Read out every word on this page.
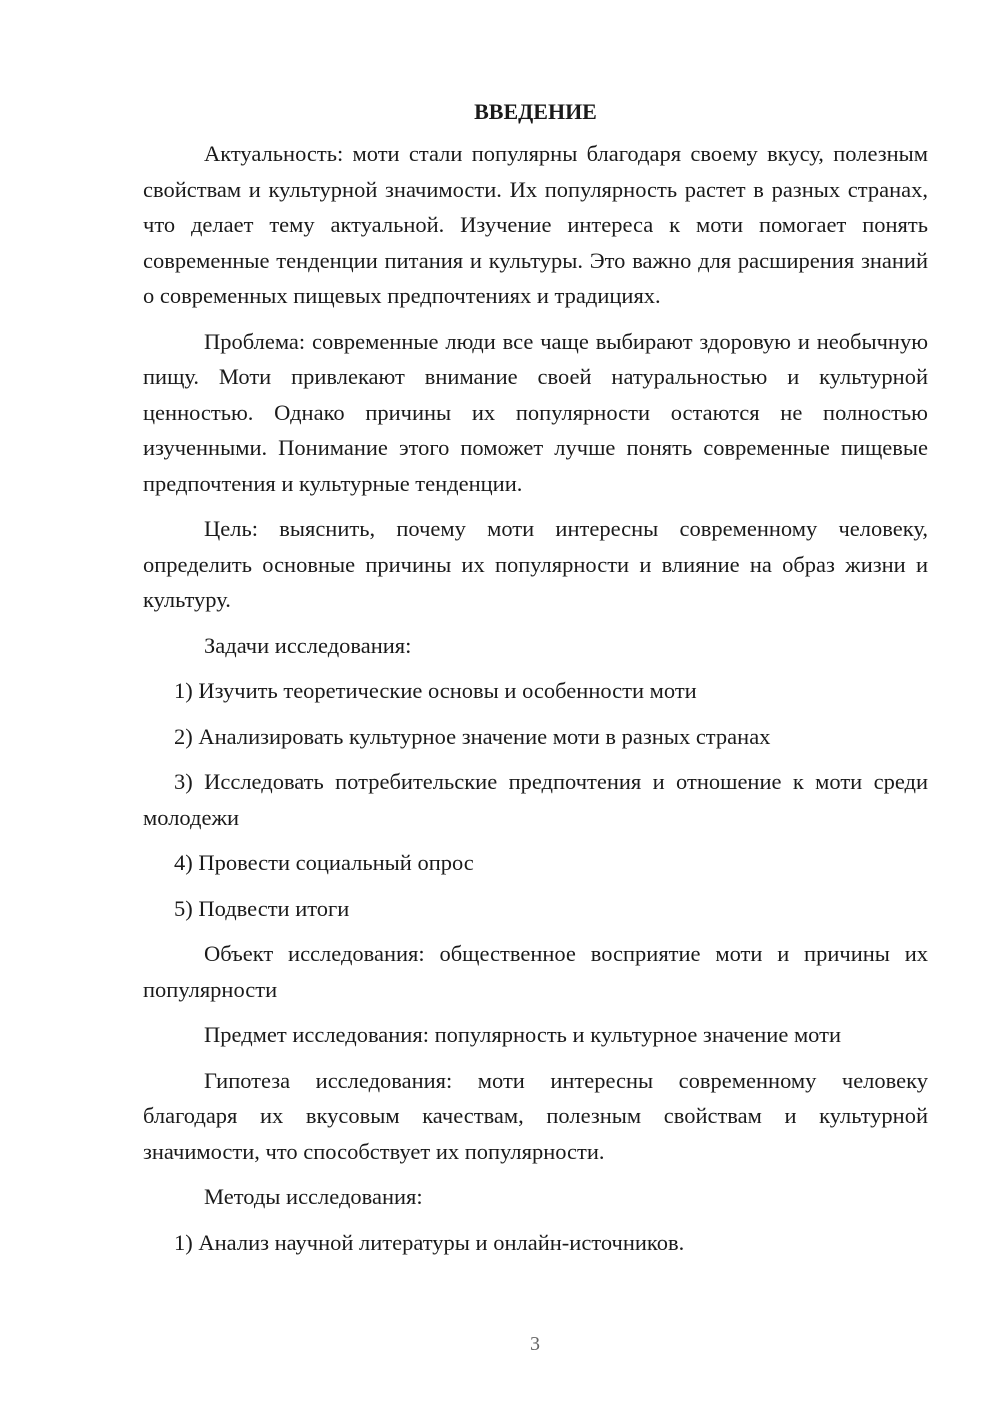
ВВЕДЕНИЕ

Актуальность: моти стали популярны благодаря своему вкусу, полезным свойствам и культурной значимости. Их популярность растет в разных странах, что делает тему актуальной. Изучение интереса к моти помогает понять современные тенденции питания и культуры. Это важно для расширения знаний о современных пищевых предпочтениях и традициях.

Проблема: современные люди все чаще выбирают здоровую и необычную пищу. Моти привлекают внимание своей натуральностью и культурной ценностью. Однако причины их популярности остаются не полностью изученными. Понимание этого поможет лучше понять современные пищевые предпочтения и культурные тенденции.

Цель: выяснить, почему моти интересны современному человеку, определить основные причины их популярности и влияние на образ жизни и культуру.

Задачи исследования:

1) Изучить теоретические основы и особенности моти

2) Анализировать культурное значение моти в разных странах

3) Исследовать потребительские предпочтения и отношение к моти среди молодежи

4) Провести социальный опрос

5) Подвести итоги

Объект исследования: общественное восприятие моти и причины их популярности

Предмет исследования: популярность и культурное значение моти

Гипотеза исследования: моти интересны современному человеку благодаря их вкусовым качествам, полезным свойствам и культурной значимости, что способствует их популярности.

Методы исследования:

1) Анализ научной литературы и онлайн-источников.

3
